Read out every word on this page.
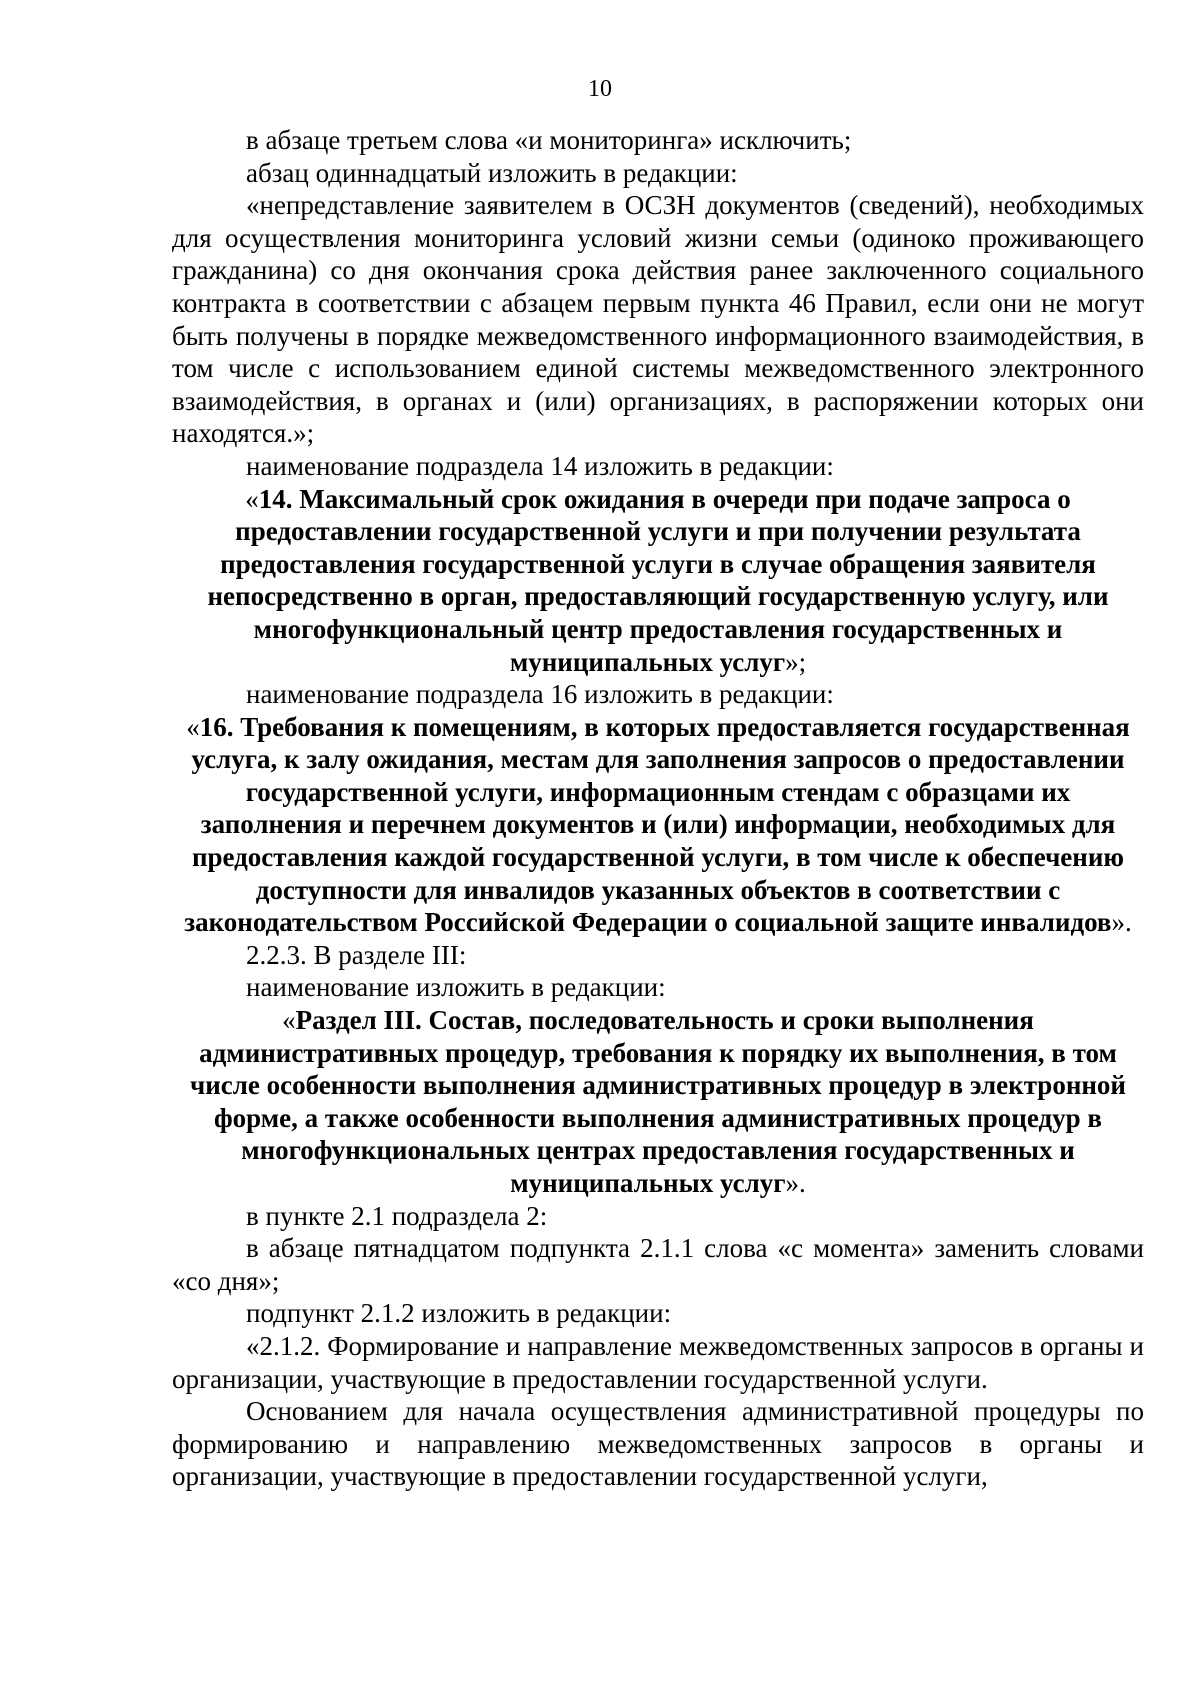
10

в абзаце третьем слова «и мониторинга» исключить;

абзац одиннадцатый изложить в редакции:

«непредставление заявителем в ОСЗН документов (сведений), необходимых для осуществления мониторинга условий жизни семьи (одиноко проживающего гражданина) со дня окончания срока действия ранее заключенного социального контракта в соответствии с абзацем первым пункта 46 Правил, если они не могут быть получены в порядке межведомственного информационного взаимодействия, в том числе с использованием единой системы межведомственного электронного взаимодействия, в органах и (или) организациях, в распоряжении которых они находятся.»;

наименование подраздела 14 изложить в редакции:

«14. Максимальный срок ожидания в очереди при подаче запроса о предоставлении государственной услуги и при получении результата предоставления государственной услуги в случае обращения заявителя непосредственно в орган, предоставляющий государственную услугу, или многофункциональный центр предоставления государственных и муниципальных услуг»;

наименование подраздела 16 изложить в редакции:

«16. Требования к помещениям, в которых предоставляется государственная услуга, к залу ожидания, местам для заполнения запросов о предоставлении государственной услуги, информационным стендам с образцами их заполнения и перечнем документов и (или) информации, необходимых для предоставления каждой государственной услуги, в том числе к обеспечению доступности для инвалидов указанных объектов в соответствии с законодательством Российской Федерации о социальной защите инвалидов».

2.2.3. В разделе III:

наименование изложить в редакции:

«Раздел III. Состав, последовательность и сроки выполнения административных процедур, требования к порядку их выполнения, в том числе особенности выполнения административных процедур в электронной форме, а также особенности выполнения административных процедур в многофункциональных центрах предоставления государственных и муниципальных услуг».

в пункте 2.1 подраздела 2:

в абзаце пятнадцатом подпункта 2.1.1 слова «с момента» заменить словами «со дня»;

подпункт 2.1.2 изложить в редакции:

«2.1.2. Формирование и направление межведомственных запросов в органы и организации, участвующие в предоставлении государственной услуги.

Основанием для начала осуществления административной процедуры по формированию и направлению межведомственных запросов в органы и организации, участвующие в предоставлении государственной услуги,
